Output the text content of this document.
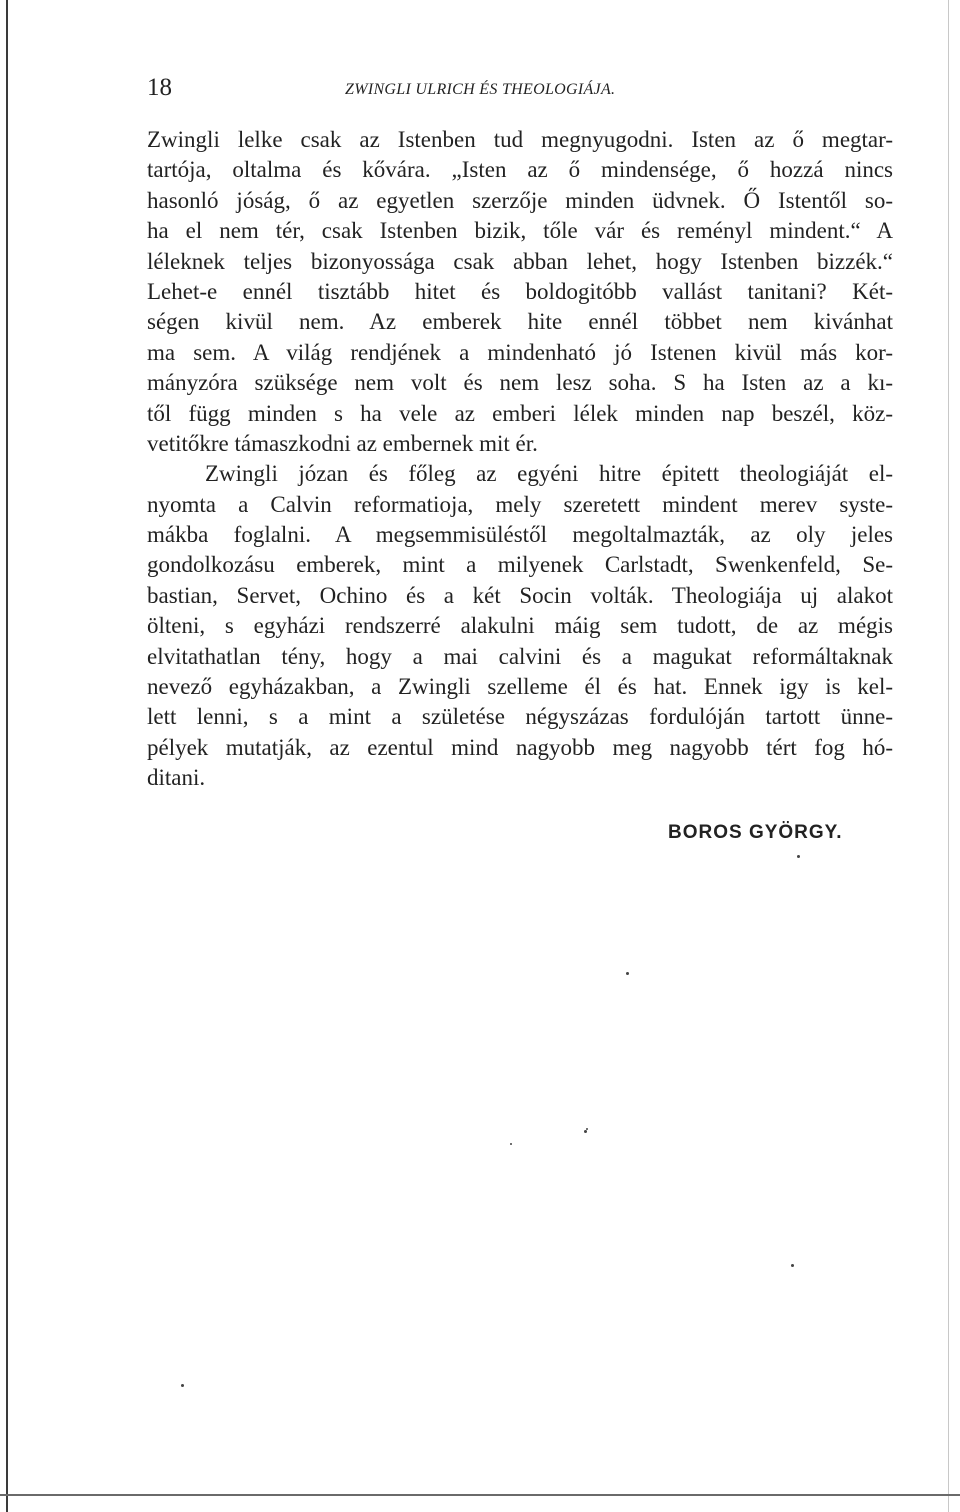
18	ZWINGLI ULRICH ÉS THEOLOGIÁJA.
Zwingli lelke csak az Istenben tud megnyugodni. Isten az ő megtar-
tartója, oltalma és kővára. „Isten az ő mindensége, ő hozzá nincs
hasonló jóság, ő az egyetlen szerzője minden üdvnek. Ő Istentől so-
ha el nem tér, csak Istenben bizik, tőle vár és reményl mindent.“ A
léleknek teljes bizonyossága csak abban lehet, hogy Istenben bizzék.“
Lehet-e ennél tisztább hitet és boldogitóbb vallást tanitani? Két-
ségen kivül nem. Az emberek hite ennél többet nem kivánhat
ma sem. A világ rendjének a mindenható jó Istenen kivül más kor-
mányzóra szüksége nem volt és nem lesz soha. S ha Isten az a kı-
től függ minden s ha vele az emberi lélek minden nap beszél, köz-
vetitőkre támaszkodni az embernek mit ér.
Zwingli józan és főleg az egyéni hitre épitett theologiáját el-
nyomta a Calvin reformatioja, mely szeretett mindent merev syste-
mákba foglalni. A megsemmisüléstől megoltalmazták, az oly jeles
gondolkozásu emberek, mint a milyenek Carlstadt, Swenkenfeld, Se-
bastian, Servet, Ochino és a két Socin volták. Theologiája uj alakot
ölteni, s egyházi rendszerré alakulni máig sem tudott, de az mégis
elvitathatlan tény, hogy a mai calvini és a magukat reformáltaknak
nevező egyházakban, a Zwingli szelleme él és hat. Ennek igy is kel-
lett lenni, s a mint a születése négyszázas fordulóján tartott ünne-
pélyek mutatják, az ezentul mind nagyobb meg nagyobb tért fog hó-
ditani.
BOROS GYÖRGY.
